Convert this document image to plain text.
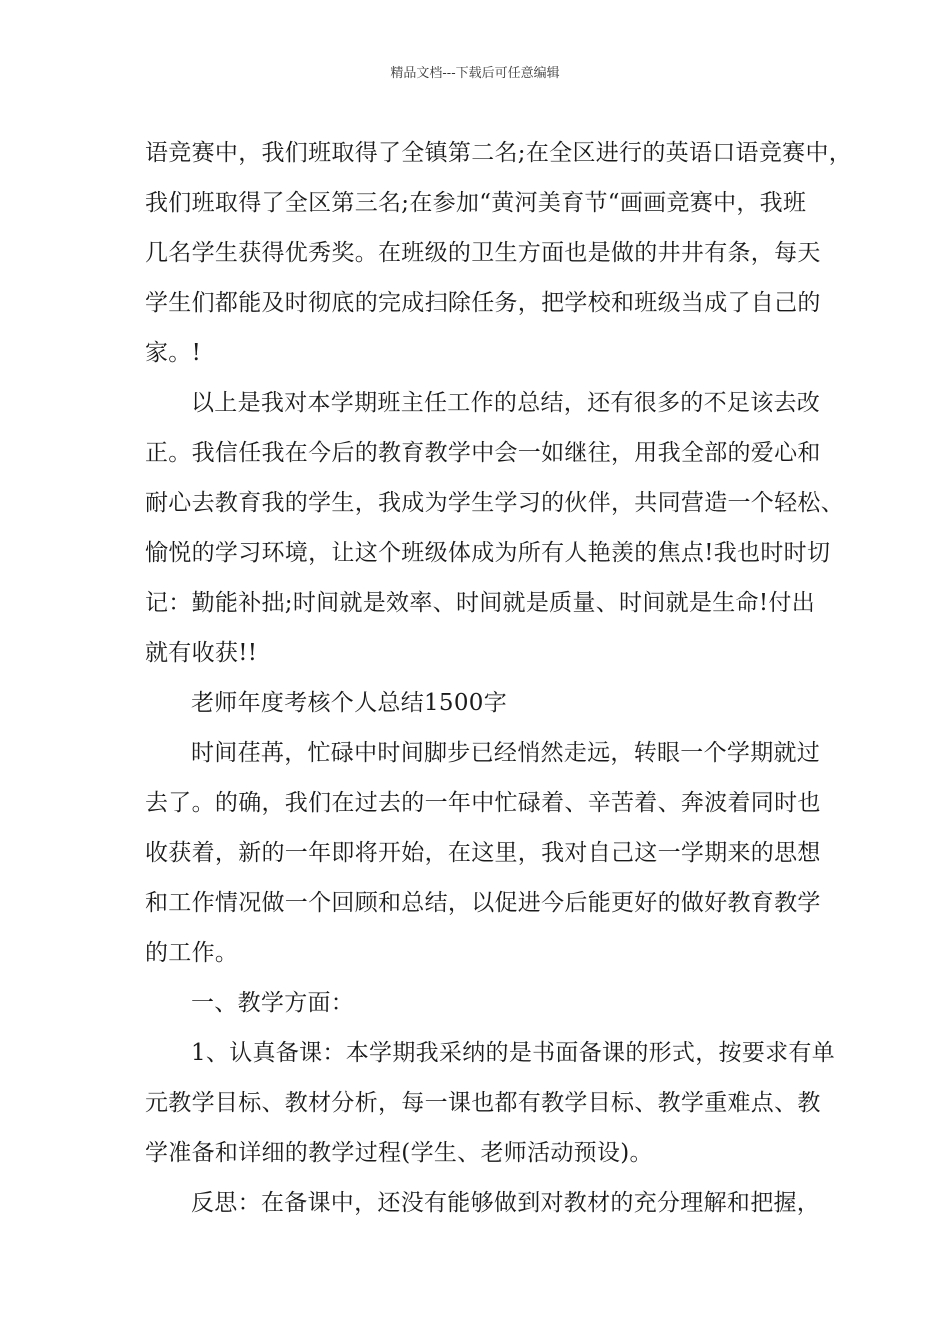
精品文档---下载后可任意编辑
语竞赛中，我们班取得了全镇第二名;在全区进行的英语口语竞赛中，
我们班取得了全区第三名;在参加“黄河美育节“画画竞赛中，我班
几名学生获得优秀奖。在班级的卫生方面也是做的井井有条，每天
学生们都能及时彻底的完成扫除任务，把学校和班级当成了自己的
家。!
以上是我对本学期班主任工作的总结，还有很多的不足该去改
正。我信任我在今后的教育教学中会一如继往，用我全部的爱心和
耐心去教育我的学生，我成为学生学习的伙伴，共同营造一个轻松、
愉悦的学习环境，让这个班级体成为所有人艳羡的焦点!我也时时切
记：勤能补拙;时间就是效率、时间就是质量、时间就是生命!付出
就有收获!!
老师年度考核个人总结1500字
时间荏苒，忙碌中时间脚步已经悄然走远，转眼一个学期就过
去了。的确，我们在过去的一年中忙碌着、辛苦着、奔波着同时也
收获着，新的一年即将开始，在这里，我对自己这一学期来的思想
和工作情况做一个回顾和总结，以促进今后能更好的做好教育教学
的工作。
一、教学方面：
1、认真备课：本学期我采纳的是书面备课的形式，按要求有单
元教学目标、教材分析，每一课也都有教学目标、教学重难点、教
学准备和详细的教学过程(学生、老师活动预设)。
反思：在备课中，还没有能够做到对教材的充分理解和把握，
